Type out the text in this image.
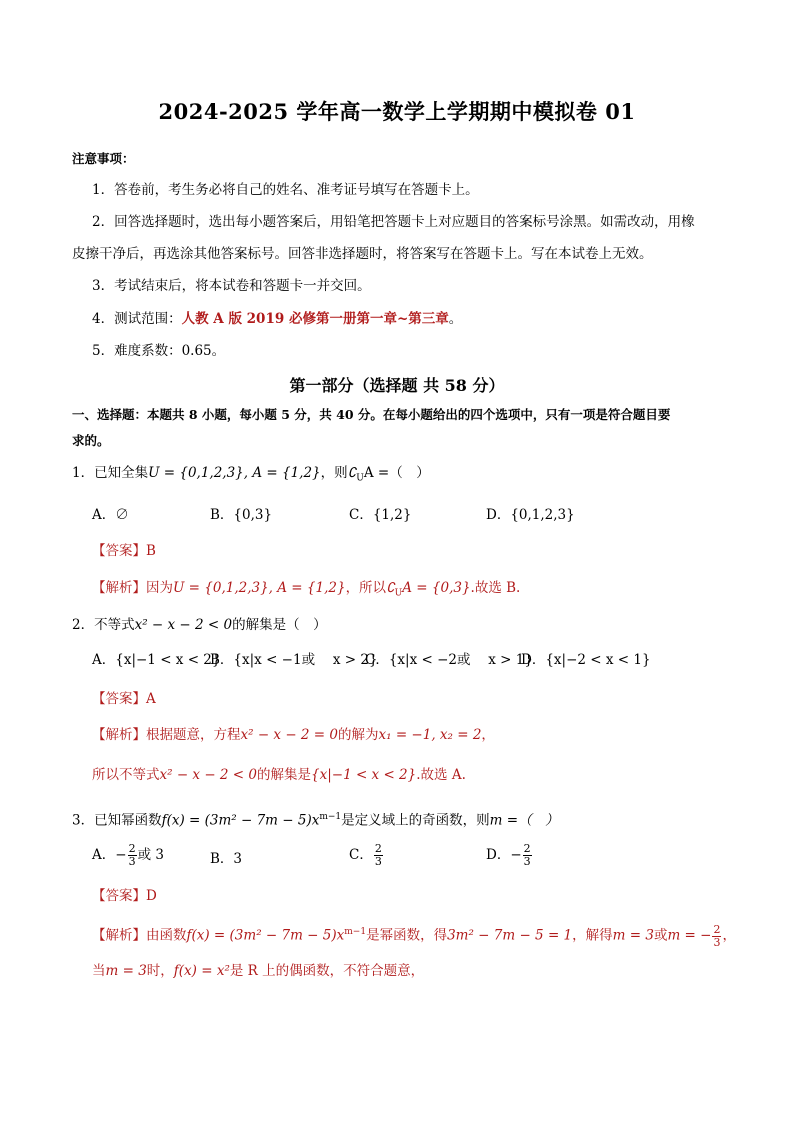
2024-2025 学年高一数学上学期期中模拟卷 01
注意事项：
1．答卷前，考生务必将自己的姓名、准考证号填写在答题卡上。
2．回答选择题时，选出每小题答案后，用铅笔把答题卡上对应题目的答案标号涂黑。如需改动，用橡
皮擦干净后，再选涂其他答案标号。回答非选择题时，将答案写在答题卡上。写在本试卷上无效。
3．考试结束后，将本试卷和答题卡一并交回。
4．测试范围：人教 A 版 2019 必修第一册第一章~第三章。
5．难度系数：0.65。
第一部分（选择题 共 58 分）
一、选择题：本题共 8 小题，每小题 5 分，共 40 分。在每小题给出的四个选项中，只有一项是符合题目要
求的。
1．已知全集U = {0,1,2,3}, A = {1,2}，则$∁_UA$ =（　）
A．∅	B．{0,3}	C．{1,2}	D．{0,1,2,3}
【答案】B
【解析】因为U = {0,1,2,3}, A = {1,2}，所以$∁_UA = \{0,3\}$.故选 B.
2．不等式x² − x − 2 < 0的解集是（　）
A．{x|−1 < x < 2}
B．{x|x < −1或　 x > 2}
C．{x|x < −2或　 x > 1}
D．{x|−2 < x < 1}
【答案】A
【解析】根据题意，方程x² − x − 2 = 0的解为x₁ = −1, x₂ = 2，
所以不等式x² − x − 2 < 0的解集是{x|−1 < x < 2}.故选 A.
3．已知幂函数$f(x) = (3m^2 - 7m - 5)x^{m-1}$是定义域上的奇函数，则m =（　）
A．− $\frac{2}{3}$ 或 3	B．3	C． $\frac{2}{3}$	D．− $\frac{2}{3}$
【答案】D
【解析】由函数$f(x) = (3m^2 - 7m - 5)x^{m-1}$是幂函数，得3m² − 7m − 5 = 1，解得m = 3或m = − $\frac{2}{3}$ ，
当m = 3时，f(x) = x²是 R 上的偶函数，不符合题意，
